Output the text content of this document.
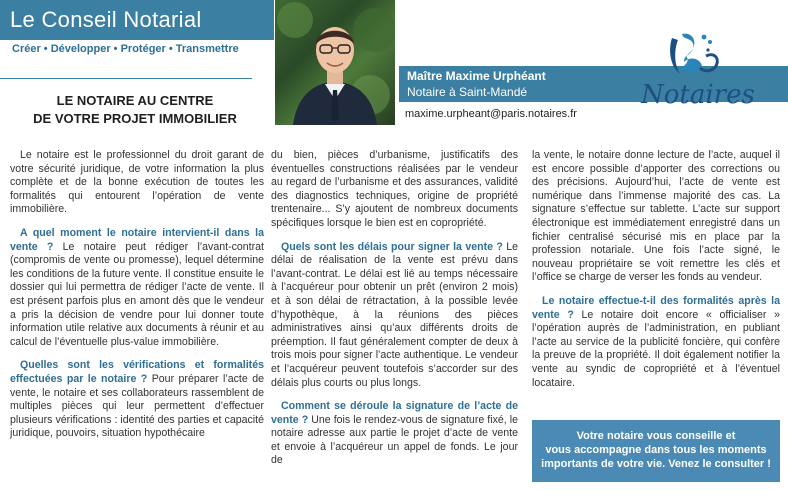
Le Conseil Notarial
Créer • Développer • Protéger • Transmettre
LE NOTAIRE AU CENTRE
DE VOTRE PROJET IMMOBILIER
Maître Maxime Urphéant
Notaire à Saint-Mandé
maxime.urpheant@paris.notaires.fr
Notaires

Le notaire est le professionnel du droit garant de votre sécurité juridique, de votre information la plus complète et de la bonne exécution de toutes les formalités qui entourent l’opération de vente immobilière.

A quel moment le notaire intervient-il dans la vente ? Le notaire peut rédiger l’avant-contrat (compromis de vente ou promesse), lequel détermine les conditions de la future vente. Il constitue ensuite le dossier qui lui permettra de rédiger l’acte de vente. Il est présent parfois plus en amont dès que le vendeur a pris la décision de vendre pour lui donner toute information utile relative aux documents à réunir et au calcul de l’éventuelle plus-value immobilière.

Quelles sont les vérifications et formalités effectuées par le notaire ? Pour préparer l’acte de vente, le notaire et ses collaborateurs rassemblent de multiples pièces qui leur permettent d’effectuer plusieurs vérifications : identité des parties et capacité juridique, pouvoirs, situation hypothécaire

du bien, pièces d’urbanisme, justificatifs des éventuelles constructions réalisées par le vendeur au regard de l’urbanisme et des assurances, validité des diagnostics techniques, origine de propriété trentenaire... S’y ajoutent de nombreux documents spécifiques lorsque le bien est en copropriété.

Quels sont les délais pour signer la vente ? Le délai de réalisation de la vente est prévu dans l’avant-contrat. Le délai est lié au temps nécessaire à l’acquéreur pour obtenir un prêt (environ 2 mois) et à son délai de rétractation, à la possible levée d’hypothèque, à la réunions des pièces administratives ainsi qu’aux différents droits de préemption. Il faut généralement compter de deux à trois mois pour signer l’acte authentique. Le vendeur et l’acquéreur peuvent toutefois s’accorder sur des délais plus courts ou plus longs.

Comment se déroule la signature de l’acte de vente ? Une fois le rendez-vous de signature fixé, le notaire adresse aux partie le projet d’acte de vente et envoie à l’acquéreur un appel de fonds. Le jour de

la vente, le notaire donne lecture de l’acte, auquel il est encore possible d’apporter des corrections ou des précisions. Aujourd’hui, l’acte de vente est numérique dans l’immense majorité des cas. La signature s’effectue sur tablette. L’acte sur support électronique est immédiatement enregistré dans un fichier centralisé sécurisé mis en place par la profession notariale. Une fois l’acte signé, le nouveau propriétaire se voit remettre les clés et l’office se charge de verser les fonds au vendeur.

Le notaire effectue-t-il des formalités après la vente ? Le notaire doit encore « officialiser » l’opération auprès de l’administration, en publiant l’acte au service de la publicité foncière, qui confère la preuve de la propriété. Il doit également notifier la vente au syndic de copropriété et à l’éventuel locataire.

Votre notaire vous conseille et
vous accompagne dans tous les moments
importants de votre vie. Venez le consulter !
